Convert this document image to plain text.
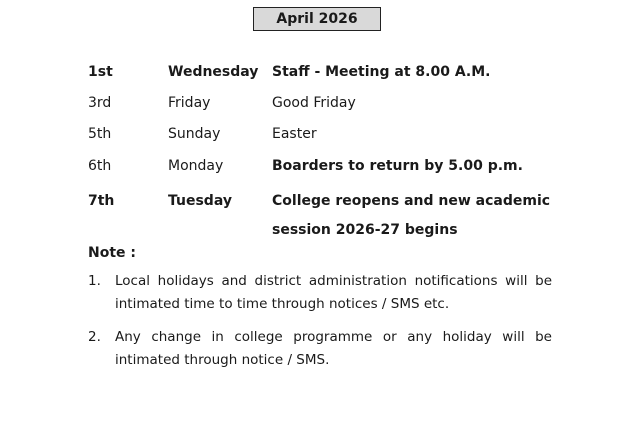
April 2026
1st	Wednesday Staff - Meeting at 8.00 A.M.
3rd	Friday	Good Friday
5th	Sunday	Easter
6th	Monday	Boarders to return by 5.00 p.m.
7th	Tuesday	College reopens and new academic session 2026-27 begins
Note :
1.	Local holidays and district administration notifications will be intimated time to time through notices / SMS etc.
2.	Any change in college programme or any holiday will be intimated through notice / SMS.
